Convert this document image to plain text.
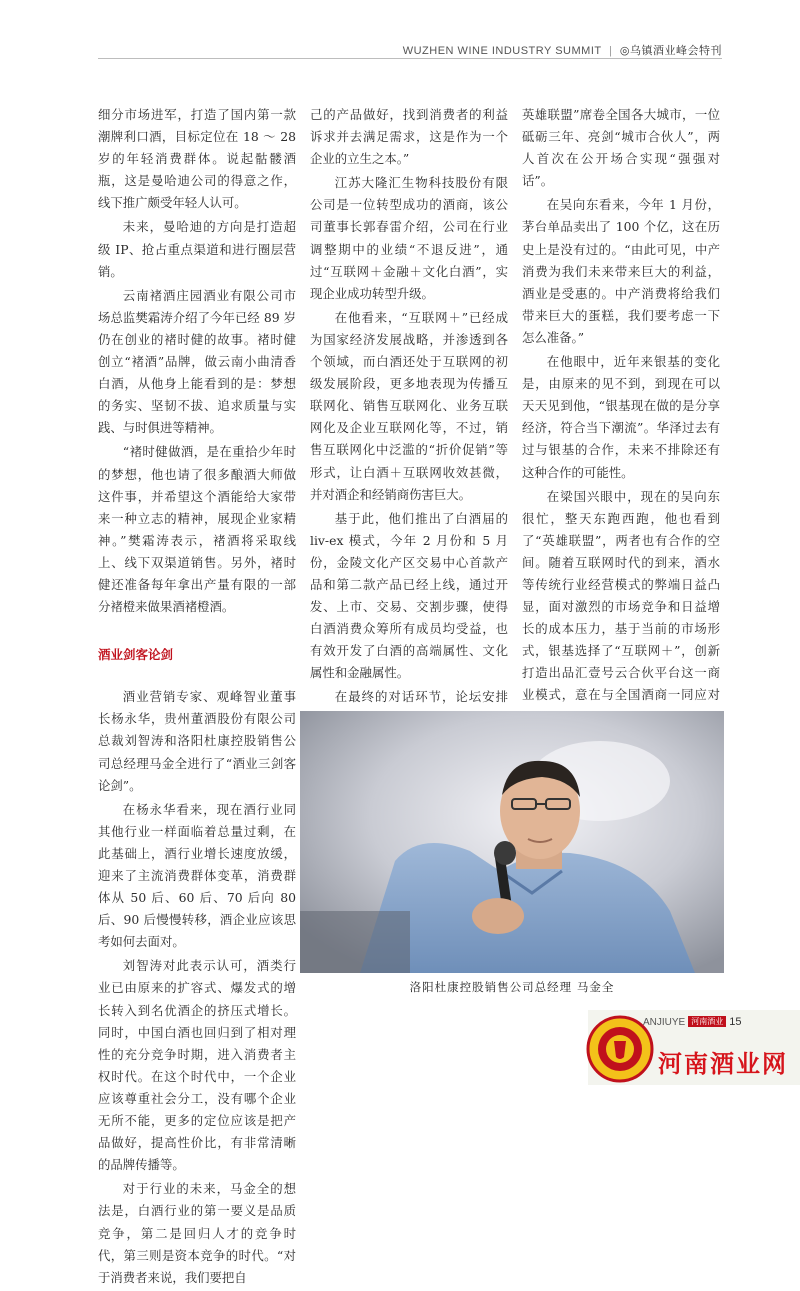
WUZHEN WINE INDUSTRY SUMMIT | ◎乌镇酒业峰会特刊

细分市场进军，打造了国内第一款潮牌利口酒，目标定位在 18 ～ 28 岁的年轻消费群体。说起骷髅酒瓶，这是曼哈迪公司的得意之作，线下推广颇受年轻人认可。

未来，曼哈迪的方向是打造超级 IP、抢占重点渠道和进行圈层营销。

云南褚酒庄园酒业有限公司市场总监樊霜涛介绍了今年已经 89 岁仍在创业的褚时健的故事。褚时健创立“褚酒”品牌，做云南小曲清香白酒，从他身上能看到的是：梦想的务实、坚韧不拔、追求质量与实践、与时俱进等精神。

“褚时健做酒，是在重拾少年时的梦想，他也请了很多酿酒大师做这件事，并希望这个酒能给大家带来一种立志的精神，展现企业家精神。”樊霜涛表示，褚酒将采取线上、线下双渠道销售。另外，褚时健还准备每年拿出产量有限的一部分褚橙来做果酒褚橙酒。

酒业剑客论剑

酒业营销专家、观峰智业董事长杨永华，贵州董酒股份有限公司总裁刘智涛和洛阳杜康控股销售公司总经理马金全进行了“酒业三剑客论剑”。

在杨永华看来，现在酒行业同其他行业一样面临着总量过剩，在此基础上，酒行业增长速度放缓，迎来了主流消费群体变革，消费群体从 50 后、60 后、70 后向 80 后、90 后慢慢转移，酒企业应该思考如何去面对。

刘智涛对此表示认可，酒类行业已由原来的扩容式、爆发式的增长转入到名优酒企的挤压式增长。同时，中国白酒也回归到了相对理性的充分竞争时期，进入消费者主权时代。在这个时代中，一个企业应该尊重社会分工，没有哪个企业无所不能，更多的定位应该是把产品做好，提高性价比，有非常清晰的品牌传播等。

对于行业的未来，马金全的想法是，白酒行业的第一要义是品质竞争，第二是回归人才的竞争时代，第三则是资本竞争的时代。“对于消费者来说，我们要把自

己的产品做好，找到消费者的利益诉求并去满足需求，这是作为一个企业的立生之本。”

江苏大隆汇生物科技股份有限公司是一位转型成功的酒商，该公司董事长郭春雷介绍，公司在行业调整期中的业绩“不退反进”，通过“互联网＋金融＋文化白酒”，实现企业成功转型升级。

在他看来，“互联网＋”已经成为国家经济发展战略，并渗透到各个领域，而白酒还处于互联网的初级发展阶段，更多地表现为传播互联网化、销售互联网化、业务互联网化及企业互联网化等，不过，销售互联网化中泛滥的“折价促销”等形式，让白酒＋互联网收效甚微，并对酒企和经销商伤害巨大。

基于此，他们推出了白酒届的 liv-ex 模式，今年 2 月份和 5 月份，金陵文化产区交易中心首款产品和第二款产品已经上线，通过开发、上市、交易、交割步骤，使得白酒消费众筹所有成员均受益，也有效开发了白酒的高端属性、文化属性和金融属性。

在最终的对话环节，论坛安排

英雄联盟”席卷全国各大城市，一位砥砺三年、亮剑“城市合伙人”，两人首次在公开场合实现“强强对话”。

在吴向东看来，今年 1 月份，茅台单品卖出了 100 个亿，这在历史上是没有过的。“由此可见，中产消费为我们未来带来巨大的利益，酒业是受惠的。中产消费将给我们带来巨大的蛋糕，我们要考虑一下怎么准备。”

在他眼中，近年来银基的变化是，由原来的见不到，到现在可以天天见到他，“银基现在做的是分享经济，符合当下潮流”。华泽过去有过与银基的合作，未来不排除还有这种合作的可能性。

在梁国兴眼中，现在的吴向东很忙，整天东跑西跑，他也看到了“英雄联盟”，两者也有合作的空间。随着互联网时代的到来，酒水等传统行业经营模式的弊端日益凸显，面对激烈的市场竞争和日益增长的成本压力，基于当前的市场形式，银基选择了“互联网＋”，创新打造出品汇壹号云合伙平台这一商业模式，意在与全国酒商一同应对

洛阳杜康控股销售公司总经理 马金全
ANJIUYE 河南酒业 15
河南酒业网
